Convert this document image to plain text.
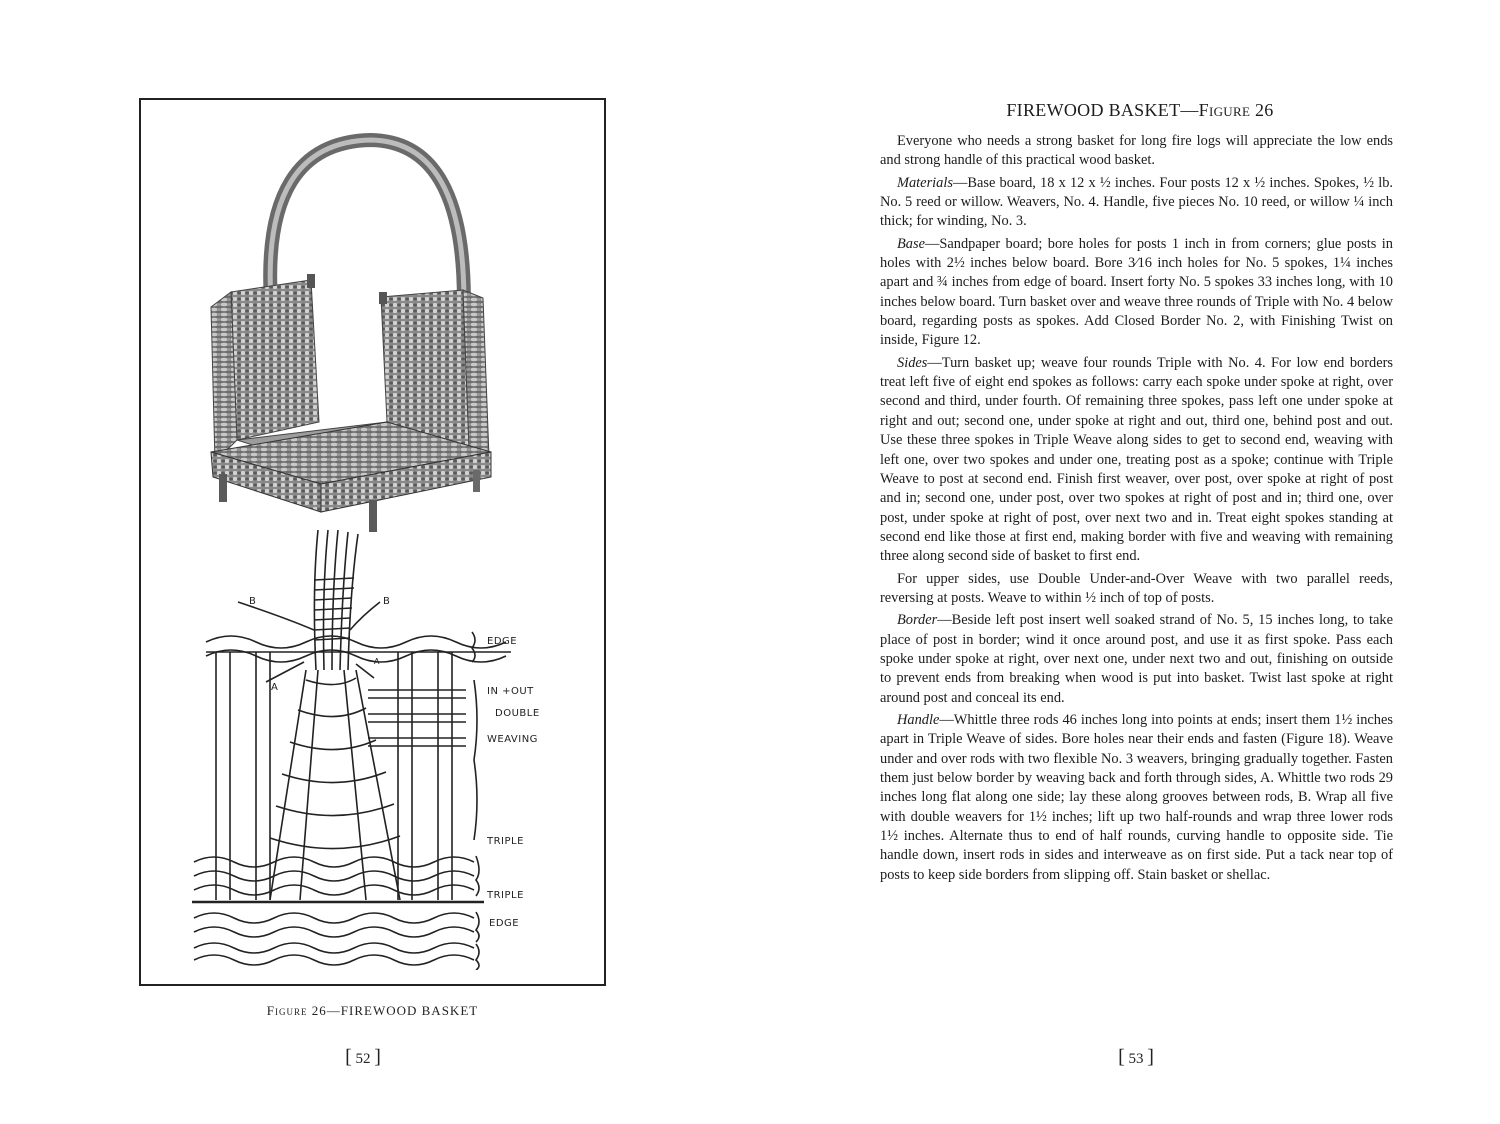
B	B
A
A
EDGE
IN +OUT
DOUBLE
WEAVING
TRIPLE
TRIPLE
EDGE
Figure 26—FIREWOOD BASKET
[ 52 ]
FIREWOOD BASKET—Figure 26

Everyone who needs a strong basket for long fire logs will appreciate the low ends and strong handle of this practical wood basket.

Materials—Base board, 18 x 12 x ½ inches. Four posts 12 x ½ inches. Spokes, ½ lb. No. 5 reed or willow. Weavers, No. 4. Handle, five pieces No. 10 reed, or willow ¼ inch thick; for winding, No. 3.

Base—Sandpaper board; bore holes for posts 1 inch in from corners; glue posts in holes with 2½ inches below board. Bore 3⁄16 inch holes for No. 5 spokes, 1¼ inches apart and ¾ inches from edge of board. Insert forty No. 5 spokes 33 inches long, with 10 inches below board. Turn basket over and weave three rounds of Triple with No. 4 below board, regarding posts as spokes. Add Closed Border No. 2, with Finishing Twist on inside, Figure 12.

Sides—Turn basket up; weave four rounds Triple with No. 4. For low end borders treat left five of eight end spokes as follows: carry each spoke under spoke at right, over second and third, under fourth. Of remaining three spokes, pass left one under spoke at right and out; second one, under spoke at right and out, third one, behind post and out. Use these three spokes in Triple Weave along sides to get to second end, weaving with left one, over two spokes and under one, treating post as a spoke; continue with Triple Weave to post at second end. Finish first weaver, over post, over spoke at right of post and in; second one, under post, over two spokes at right of post and in; third one, over post, under spoke at right of post, over next two and in. Treat eight spokes standing at second end like those at first end, making border with five and weaving with remaining three along second side of basket to first end.

For upper sides, use Double Under-and-Over Weave with two parallel reeds, reversing at posts. Weave to within ½ inch of top of posts.

Border—Beside left post insert well soaked strand of No. 5, 15 inches long, to take place of post in border; wind it once around post, and use it as first spoke. Pass each spoke under spoke at right, over next one, under next two and out, finishing on outside to prevent ends from breaking when wood is put into basket. Twist last spoke at right around post and conceal its end.

Handle—Whittle three rods 46 inches long into points at ends; insert them 1½ inches apart in Triple Weave of sides. Bore holes near their ends and fasten (Figure 18). Weave under and over rods with two flexible No. 3 weavers, bringing gradually together. Fasten them just below border by weaving back and forth through sides, A. Whittle two rods 29 inches long flat along one side; lay these along grooves between rods, B. Wrap all five with double weavers for 1½ inches; lift up two half-rounds and wrap three lower rods 1½ inches. Alternate thus to end of half rounds, curving handle to opposite side. Tie handle down, insert rods in sides and interweave as on first side. Put a tack near top of posts to keep side borders from slipping off. Stain basket or shellac.

[ 53 ]
